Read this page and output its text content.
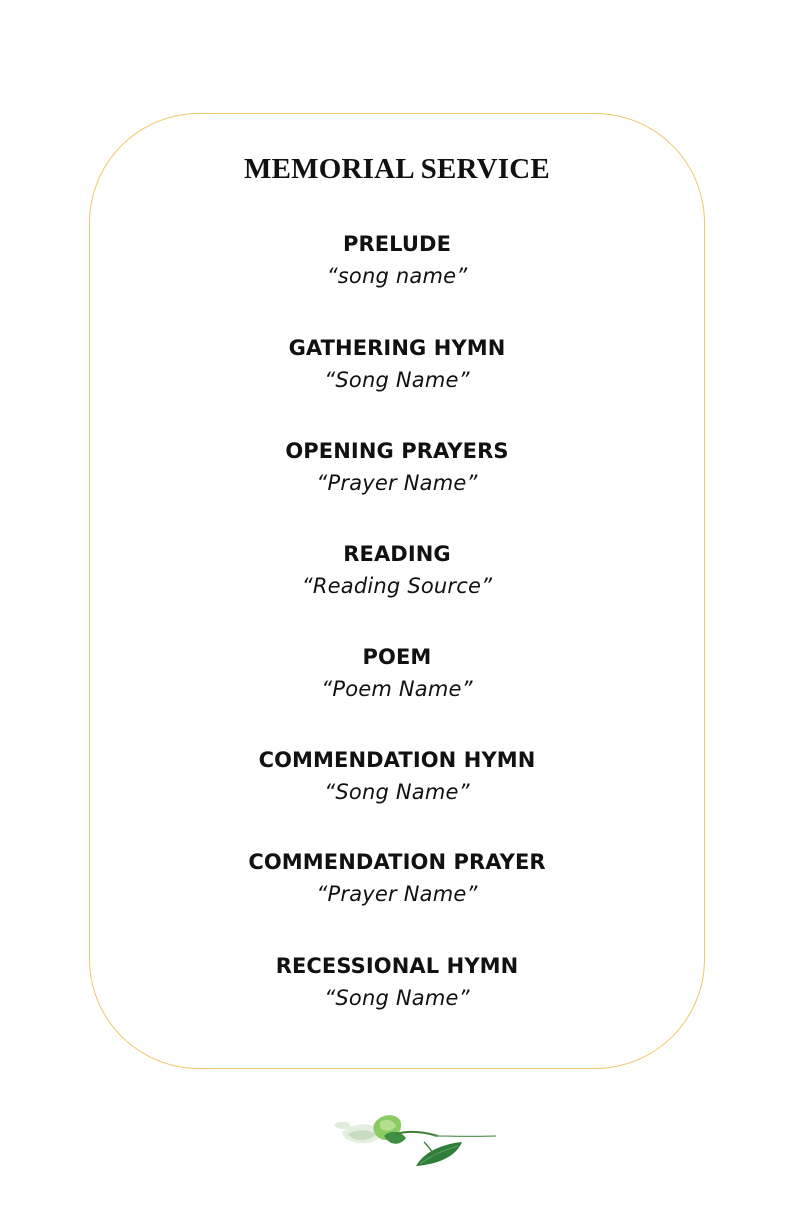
MEMORIAL SERVICE
PRELUDE
“song name”
GATHERING HYMN
“Song Name”
OPENING PRAYERS
“Prayer Name”
READING
“Reading Source”
POEM
“Poem Name”
COMMENDATION HYMN
“Song Name”
COMMENDATION PRAYER
“Prayer Name”
RECESSIONAL HYMN
“Song Name”
